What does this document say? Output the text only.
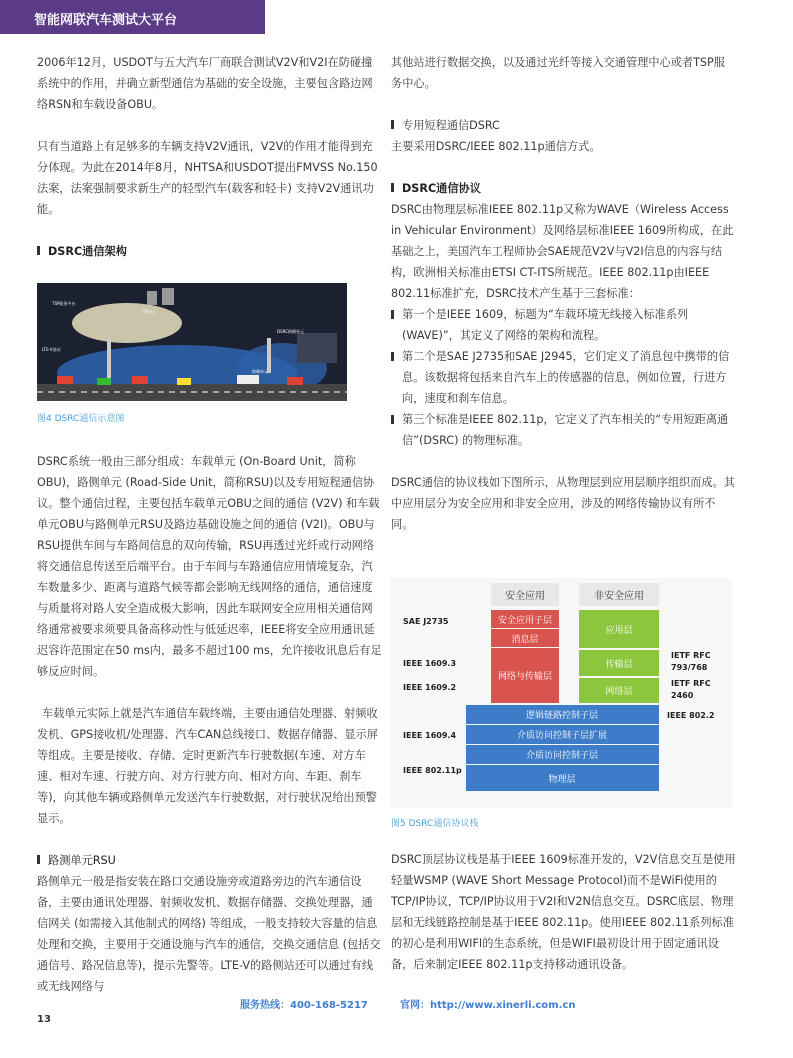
智能网联汽车测试大平台

2006年12月，USDOT与五大汽车厂商联合测试V2V和V2I在防碰撞系统中的作用，并确立新型通信为基础的安全设施，主要包含路边网络RSN和车载设备OBU。

只有当道路上有足够多的车辆支持V2V通讯，V2V的作用才能得到充分体现。为此在2014年8月，NHTSA和USDOT提出FMVSS No.150法案，法案强制要求新生产的轻型汽车(载客和轻卡) 支持V2V通讯功能。

DSRC通信架构

TSP服务平台
ITS中心
LTE-V基站
DSRC路侧单元
路侧单元
图4 DSRC通信示意图

DSRC系统一般由三部分组成：车载单元 (On-Board Unit，简称OBU)，路侧单元 (Road-Side Unit，简称RSU)以及专用短程通信协议。整个通信过程，主要包括车载单元OBU之间的通信 (V2V) 和车载单元OBU与路侧单元RSU及路边基础设施之间的通信 (V2I)。OBU与RSU提供车间与车路间信息的双向传输，RSU再透过光纤或行动网络将交通信息传送至后端平台。由于车间与车路通信应用情境复杂，汽车数量多少、距离与道路气候等都会影响无线网络的通信，通信速度与质量将对路人安全造成极大影响，因此车联网安全应用相关通信网络通常被要求须要具备高移动性与低延迟率，IEEE将安全应用通讯延迟容许范围定在50 ms内，最多不超过100 ms，允许接收讯息后有足够反应时间。

车载单元实际上就是汽车通信车载终端，主要由通信处理器、射频收发机、GPS接收机/处理器、汽车CAN总线接口、数据存储器、显示屏等组成。主要是接收、存储、定时更新汽车行驶数据(车速、对方车速、相对车速、行驶方向、对方行驶方向、相对方向、车距、刹车等)，向其他车辆或路侧单元发送汽车行驶数据，对行驶状况给出预警显示。

路测单元RSU

路侧单元一般是指安装在路口交通设施旁或道路旁边的汽车通信设备，主要由通讯处理器、射频收发机、数据存储器、交换处理器，通信网关 (如需接入其他制式的网络) 等组成，一般支持较大容量的信息处理和交换，主要用于交通设施与汽车的通信，交换交通信息 (包括交通信号、路况信息等)，提示先警等。LTE-V的路侧站还可以通过有线或无线网络与

其他站进行数据交换，以及通过光纤等接入交通管理中心或者TSP服务中心。

专用短程通信DSRC

主要采用DSRC/IEEE 802.11p通信方式。

DSRC通信协议

DSRC由物理层标准IEEE 802.11p又称为WAVE（Wireless Access in Vehicular Environment）及网络层标准IEEE 1609所构成，在此基础之上，美国汽车工程师协会SAE规范V2V与V2I信息的内容与结构，欧洲相关标准由ETSI CT-ITS所规范。IEEE 802.11p由IEEE 802.11标准扩充，DSRC技术产生基于三套标准：

第一个是IEEE 1609，标题为“车载环境无线接入标准系列 (WAVE)”，其定义了网络的架构和流程。

第二个是SAE J2735和SAE J2945，它们定义了消息包中携带的信息。该数据将包括来自汽车上的传感器的信息，例如位置，行进方向，速度和刹车信息。

第三个标准是IEEE 802.11p，它定义了汽车相关的“专用短距离通信”(DSRC) 的物理标准。

DSRC通信的协议栈如下图所示，从物理层到应用层顺序组织而成。其中应用层分为安全应用和非安全应用，涉及的网络传输协议有所不同。

安全应用	非安全应用
安全应用子层
消息层
网络与传输层
应用层
传输层
网络层
逻辑链路控制子层
介质访问控制子层扩展
介质访问控制子层
物理层
SAE J2735
IEEE 1609.3
IEEE 1609.2
IEEE 1609.4
IEEE 802.11p
IETF RFC
793/768
IETF RFC
2460
IEEE 802.2
图5 DSRC通信协议栈

DSRC顶层协议栈是基于IEEE 1609标准开发的，V2V信息交互是使用轻量WSMP (WAVE Short Message Protocol)而不是WiFi使用的TCP/IP协议，TCP/IP协议用于V2I和V2N信息交互。DSRC底层、物理层和无线链路控制是基于IEEE 802.11p。使用IEEE 802.11系列标准的初心是利用WIFI的生态系统，但是WIFI最初设计用于固定通讯设备，后来制定IEEE 802.11p支持移动通讯设备。

服务热线：400-168-5217	官网：http://www.xinerli.com.cn
13
